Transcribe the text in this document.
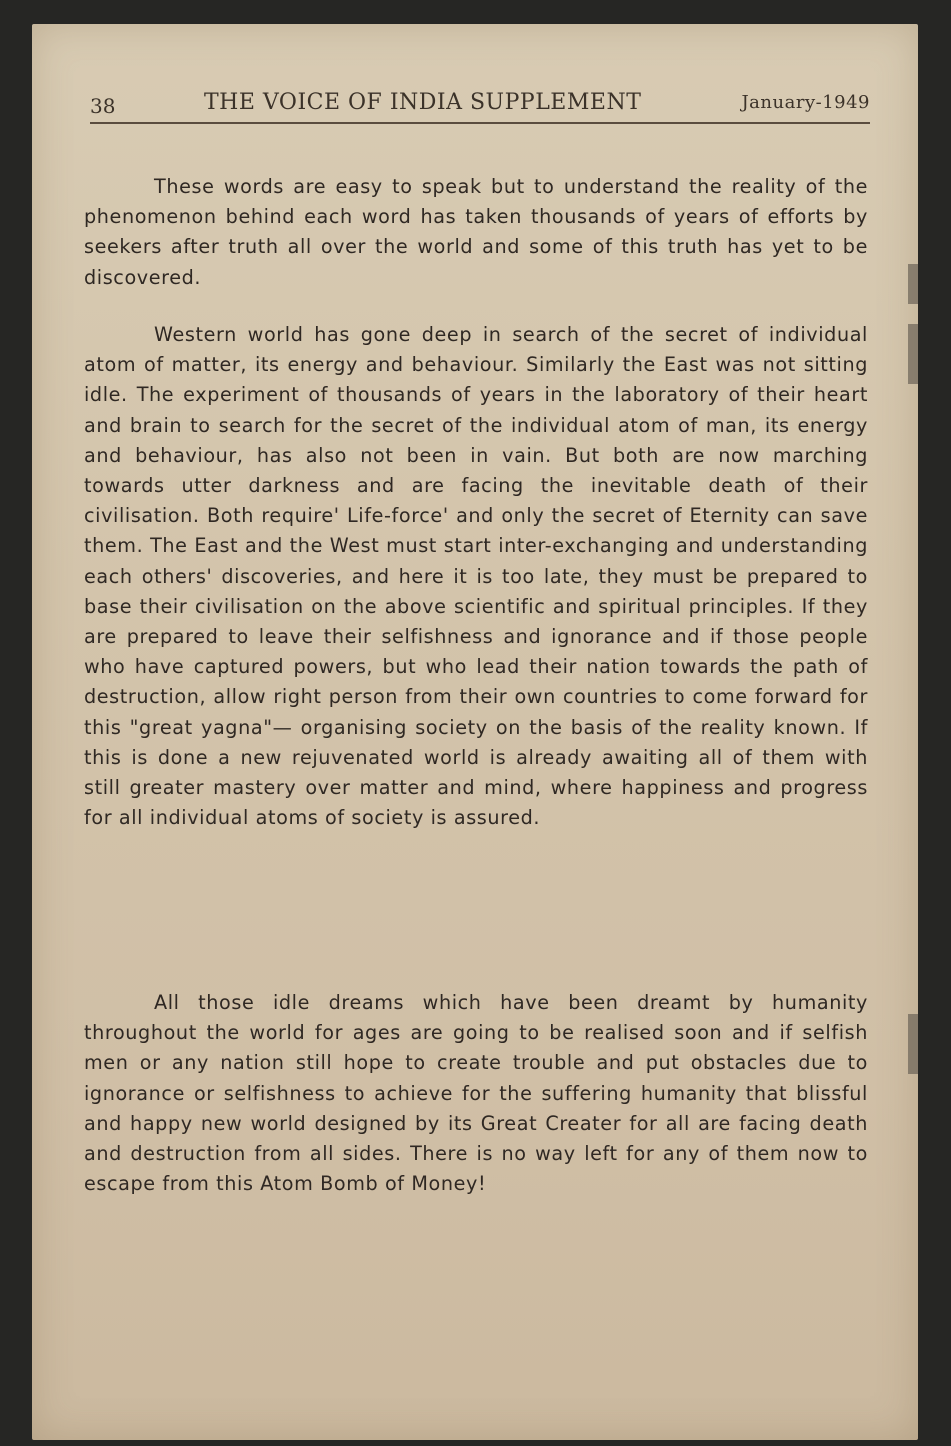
38	THE VOICE OF INDIA SUPPLEMENT	January-1949

These words are easy to speak but to understand the reality of the phenomenon behind each word has taken thousands of years of efforts by seekers after truth all over the world and some of this truth has yet to be discovered.

Western world has gone deep in search of the secret of individual atom of matter, its energy and behaviour. Similarly the East was not sitting idle. The experiment of thousands of years in the laboratory of their heart and brain to search for the secret of the individual atom of man, its energy and behaviour, has also not been in vain. But both are now marching towards utter darkness and are facing the inevitable death of their civilisation. Both require' Life-force' and only the secret of Eternity can save them. The East and the West must start inter-exchanging and understanding each others' discoveries, and here it is too late, they must be prepared to base their civilisation on the above scientific and spiritual principles. If they are prepared to leave their selfishness and ignorance and if those people who have captured powers, but who lead their nation towards the path of destruction, allow right person from their own countries to come forward for this "great yagna"— organising society on the basis of the reality known. If this is done a new rejuvenated world is already awaiting all of them with still greater mastery over matter and mind, where happiness and progress for all individual atoms of society is assured.

All those idle dreams which have been dreamt by humanity throughout the world for ages are going to be realised soon and if selfish men or any nation still hope to create trouble and put obstacles due to ignorance or selfishness to achieve for the suffering humanity that blissful and happy new world designed by its Great Creater for all are facing death and destruction from all sides. There is no way left for any of them now to escape from this Atom Bomb of Money!
